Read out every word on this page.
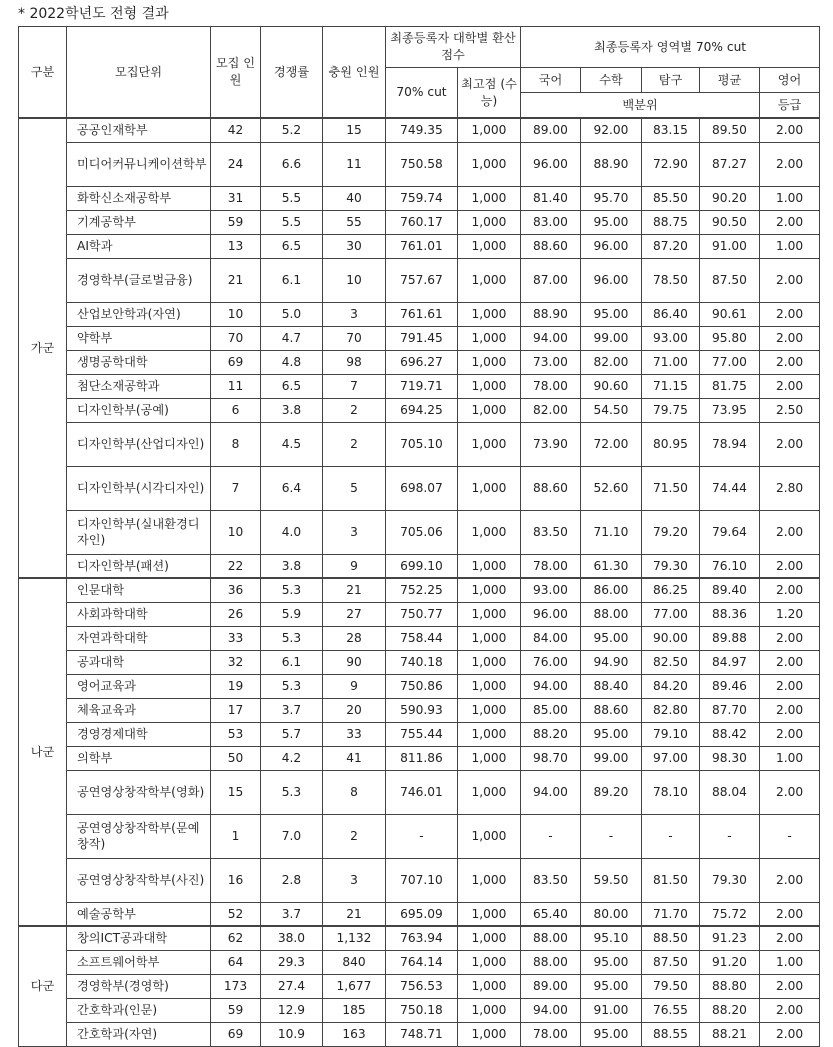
* 2022학년도 전형 결과
구분	모집단위	모집 인원	경쟁률	충원 인원	최종등록자 대학별 환산점수		최종등록자 영역별 70% cut				
					70% cut	최고점 (수능)	국어	수학	탐구	평균	영어
							백분위				등급
가군	공공인재학부	42	5.2	15	749.35	1,000	89.00	92.00	83.15	89.50	2.00
	미디어커뮤니케이션학부	24	6.6	11	750.58	1,000	96.00	88.90	72.90	87.27	2.00
	화학신소재공학부	31	5.5	40	759.74	1,000	81.40	95.70	85.50	90.20	1.00
	기계공학부	59	5.5	55	760.17	1,000	83.00	95.00	88.75	90.50	2.00
	AI학과	13	6.5	30	761.01	1,000	88.60	96.00	87.20	91.00	1.00
	경영학부(글로벌금융)	21	6.1	10	757.67	1,000	87.00	96.00	78.50	87.50	2.00
	산업보안학과(자연)	10	5.0	3	761.61	1,000	88.90	95.00	86.40	90.61	2.00
	약학부	70	4.7	70	791.45	1,000	94.00	99.00	93.00	95.80	2.00
	생명공학대학	69	4.8	98	696.27	1,000	73.00	82.00	71.00	77.00	2.00
	첨단소재공학과	11	6.5	7	719.71	1,000	78.00	90.60	71.15	81.75	2.00
	디자인학부(공예)	6	3.8	2	694.25	1,000	82.00	54.50	79.75	73.95	2.50
	디자인학부(산업디자인)	8	4.5	2	705.10	1,000	73.90	72.00	80.95	78.94	2.00
	디자인학부(시각디자인)	7	6.4	5	698.07	1,000	88.60	52.60	71.50	74.44	2.80
	디자인학부(실내환경디자인)	10	4.0	3	705.06	1,000	83.50	71.10	79.20	79.64	2.00
	디자인학부(패션)	22	3.8	9	699.10	1,000	78.00	61.30	79.30	76.10	2.00
나군	인문대학	36	5.3	21	752.25	1,000	93.00	86.00	86.25	89.40	2.00
	사회과학대학	26	5.9	27	750.77	1,000	96.00	88.00	77.00	88.36	1.20
	자연과학대학	33	5.3	28	758.44	1,000	84.00	95.00	90.00	89.88	2.00
	공과대학	32	6.1	90	740.18	1,000	76.00	94.90	82.50	84.97	2.00
	영어교육과	19	5.3	9	750.86	1,000	94.00	88.40	84.20	89.46	2.00
	체육교육과	17	3.7	20	590.93	1,000	85.00	88.60	82.80	87.70	2.00
	경영경제대학	53	5.7	33	755.44	1,000	88.20	95.00	79.10	88.42	2.00
	의학부	50	4.2	41	811.86	1,000	98.70	99.00	97.00	98.30	1.00
	공연영상창작학부(영화)	15	5.3	8	746.01	1,000	94.00	89.20	78.10	88.04	2.00
	공연영상창작학부(문예창작)	1	7.0	2	-	1,000	-	-	-	-	-
	공연영상창작학부(사진)	16	2.8	3	707.10	1,000	83.50	59.50	81.50	79.30	2.00
	예술공학부	52	3.7	21	695.09	1,000	65.40	80.00	71.70	75.72	2.00
다군	창의ICT공과대학	62	38.0	1,132	763.94	1,000	88.00	95.10	88.50	91.23	2.00
	소프트웨어학부	64	29.3	840	764.14	1,000	88.00	95.00	87.50	91.20	1.00
	경영학부(경영학)	173	27.4	1,677	756.53	1,000	89.00	95.00	79.50	88.80	2.00
	간호학과(인문)	59	12.9	185	750.18	1,000	94.00	91.00	76.55	88.20	2.00
	간호학과(자연)	69	10.9	163	748.71	1,000	78.00	95.00	88.55	88.21	2.00
